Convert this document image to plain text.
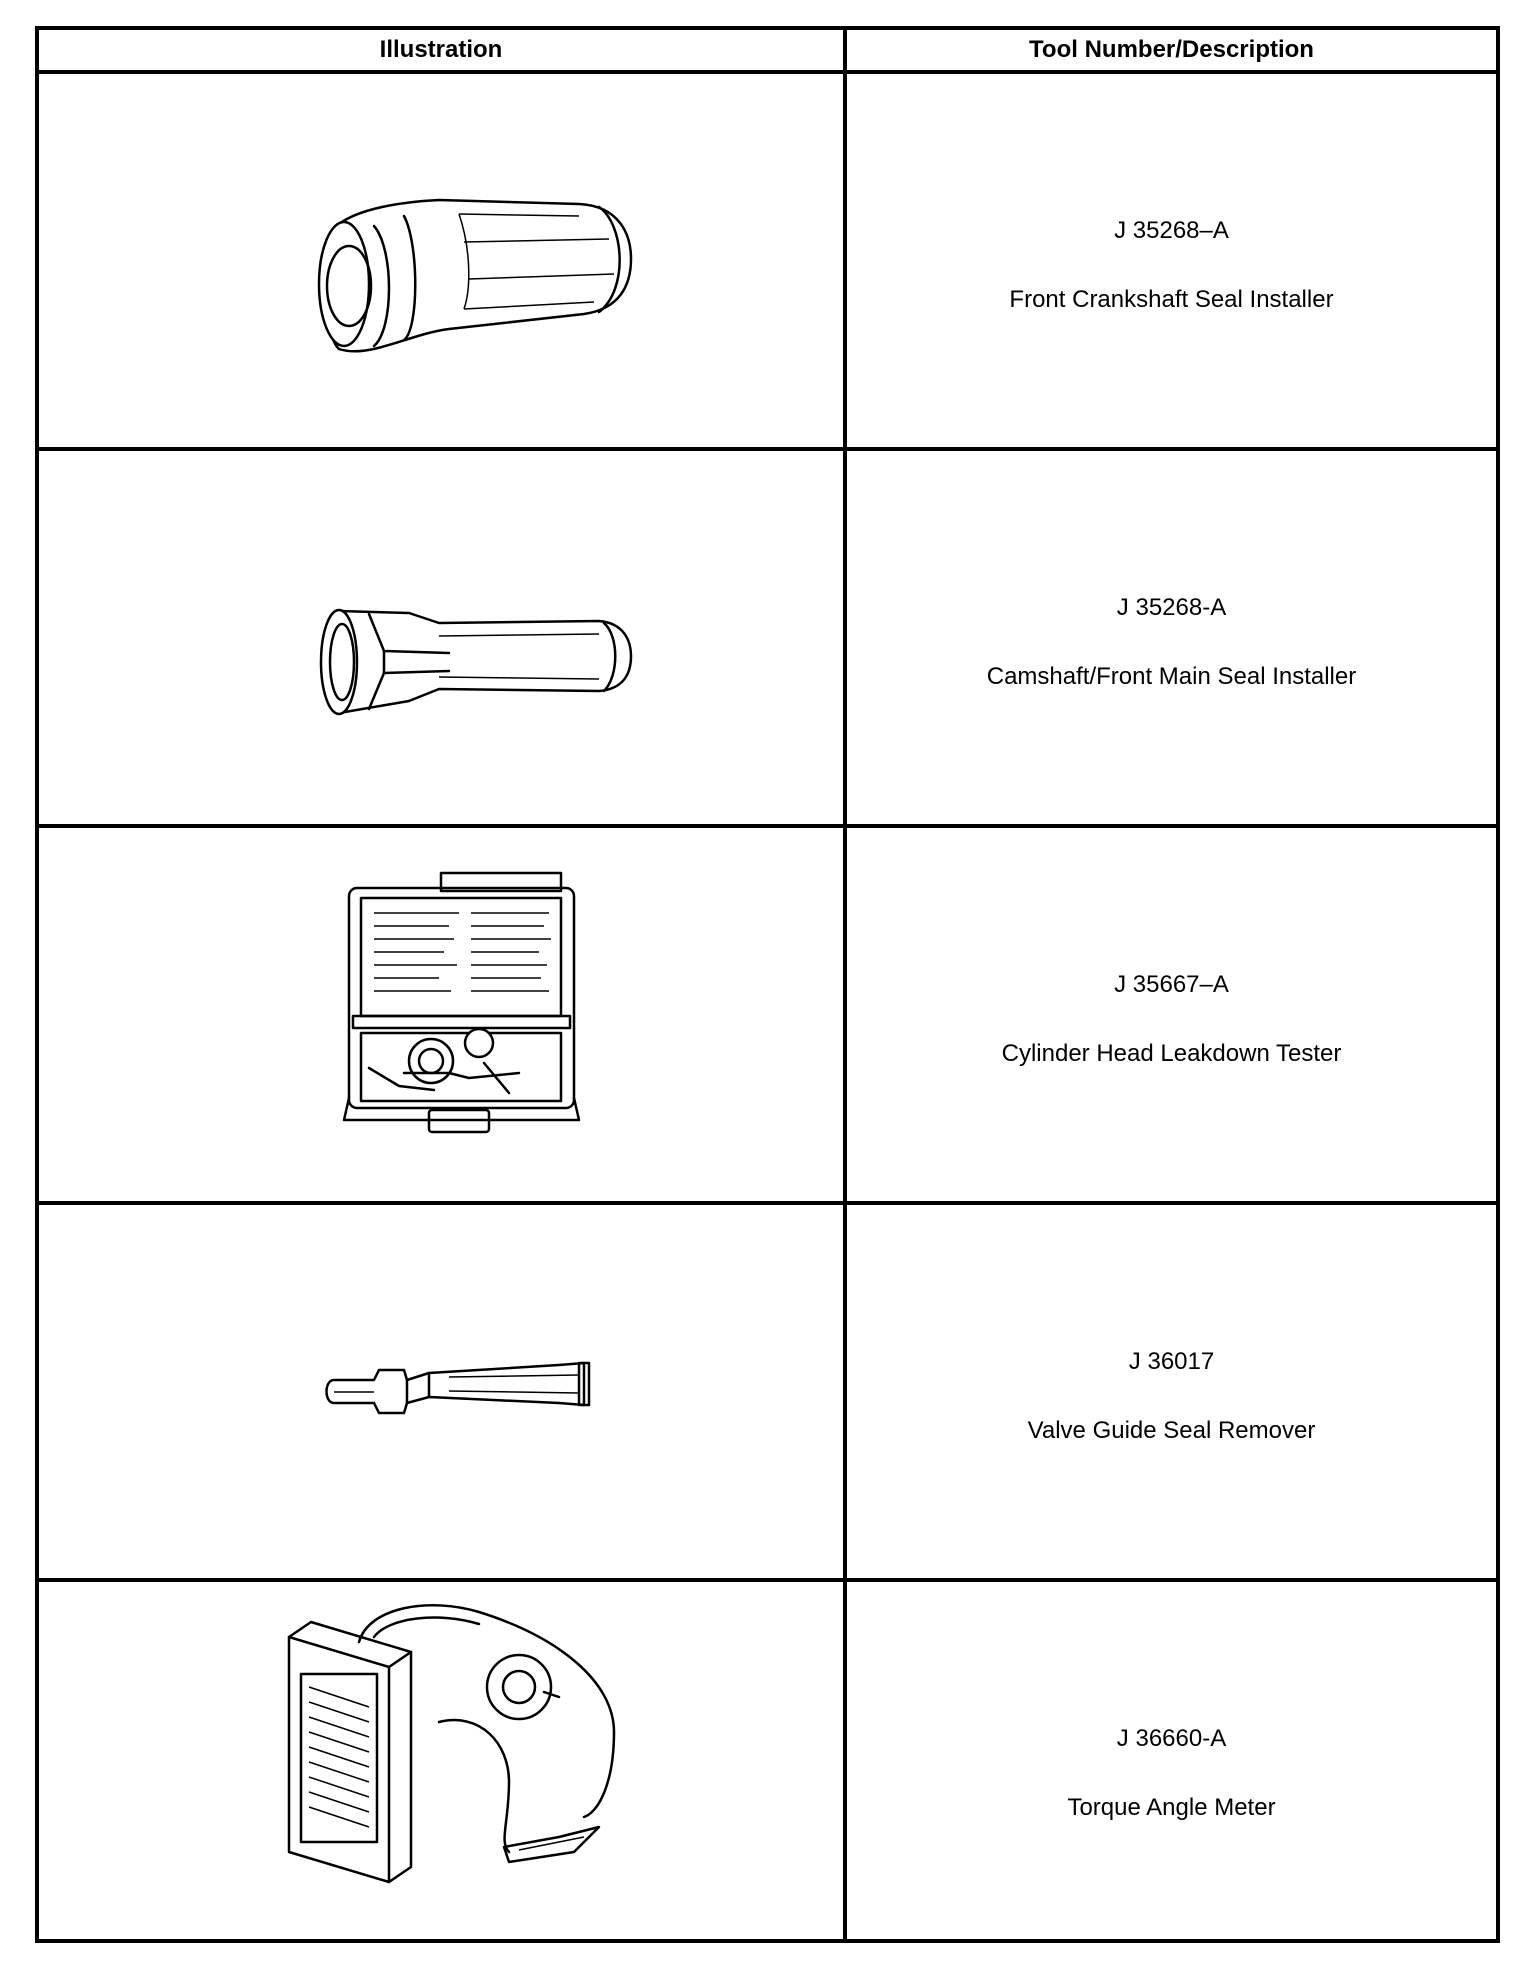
Illustration	Tool Number/Description
J 35268–A
Front Crankshaft Seal Installer
J 35268-A
Camshaft/Front Main Seal Installer
J 35667–A
Cylinder Head Leakdown Tester
J 36017
Valve Guide Seal Remover
J 36660-A
Torque Angle Meter
